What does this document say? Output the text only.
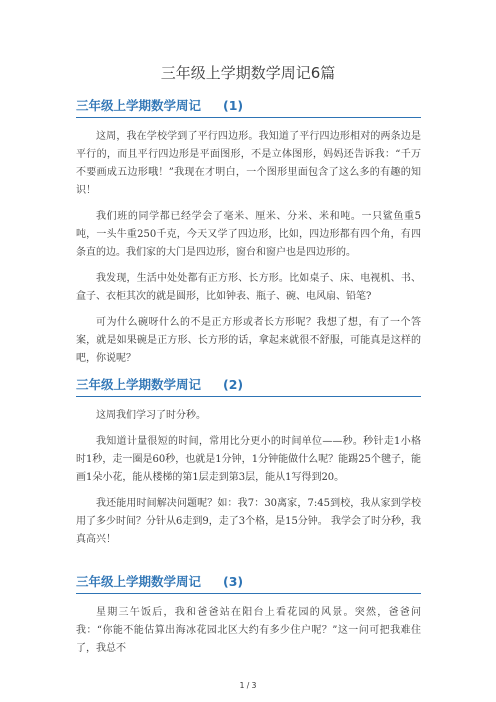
三年级上学期数学周记6篇
三年级上学期数学周记 (1)

这周，我在学校学到了平行四边形。我知道了平行四边形相对的两条边是平行的，而且平行四边形是平面图形，不是立体图形，妈妈还告诉我：“千万不要画成五边形哦！”我现在才明白，一个图形里面包含了这么多的有趣的知识！

我们班的同学都已经学会了毫米、厘米、分米、米和吨。一只鲨鱼重5吨，一头牛重250千克，今天又学了四边形，比如，四边形都有四个角，有四条直的边。我们家的大门是四边形，窗台和窗户也是四边形的。

我发现，生活中处处都有正方形、长方形。比如桌子、床、电视机、书、盒子、衣柜其次的就是圆形，比如钟表、瓶子、碗、电风扇、铅笔?

可为什么碗呀什么的不是正方形或者长方形呢？我想了想，有了一个答案，就是如果碗是正方形、长方形的话，拿起来就很不舒服，可能真是这样的吧，你说呢？

三年级上学期数学周记 (2)

这周我们学习了时分秒。

我知道计量很短的时间，常用比分更小的时间单位——秒。秒针走1小格时1秒，走一圈是60秒，也就是1分钟，1分钟能做什么呢？能踢25个毽子，能画1朵小花，能从楼梯的第1层走到第3层，能从1写得到20。

我还能用时间解决问题呢？如：我7：30离家，7:45到校，我从家到学校用了多少时间？分针从6走到9，走了3个格，是15分钟。 我学会了时分秒，我真高兴！

三年级上学期数学周记 (3)

星期三午饭后，我和爸爸站在阳台上看花园的风景。突然，爸爸问我：“你能不能估算出海冰花园北区大约有多少住户呢？”这一问可把我难住了，我总不

1 / 3
